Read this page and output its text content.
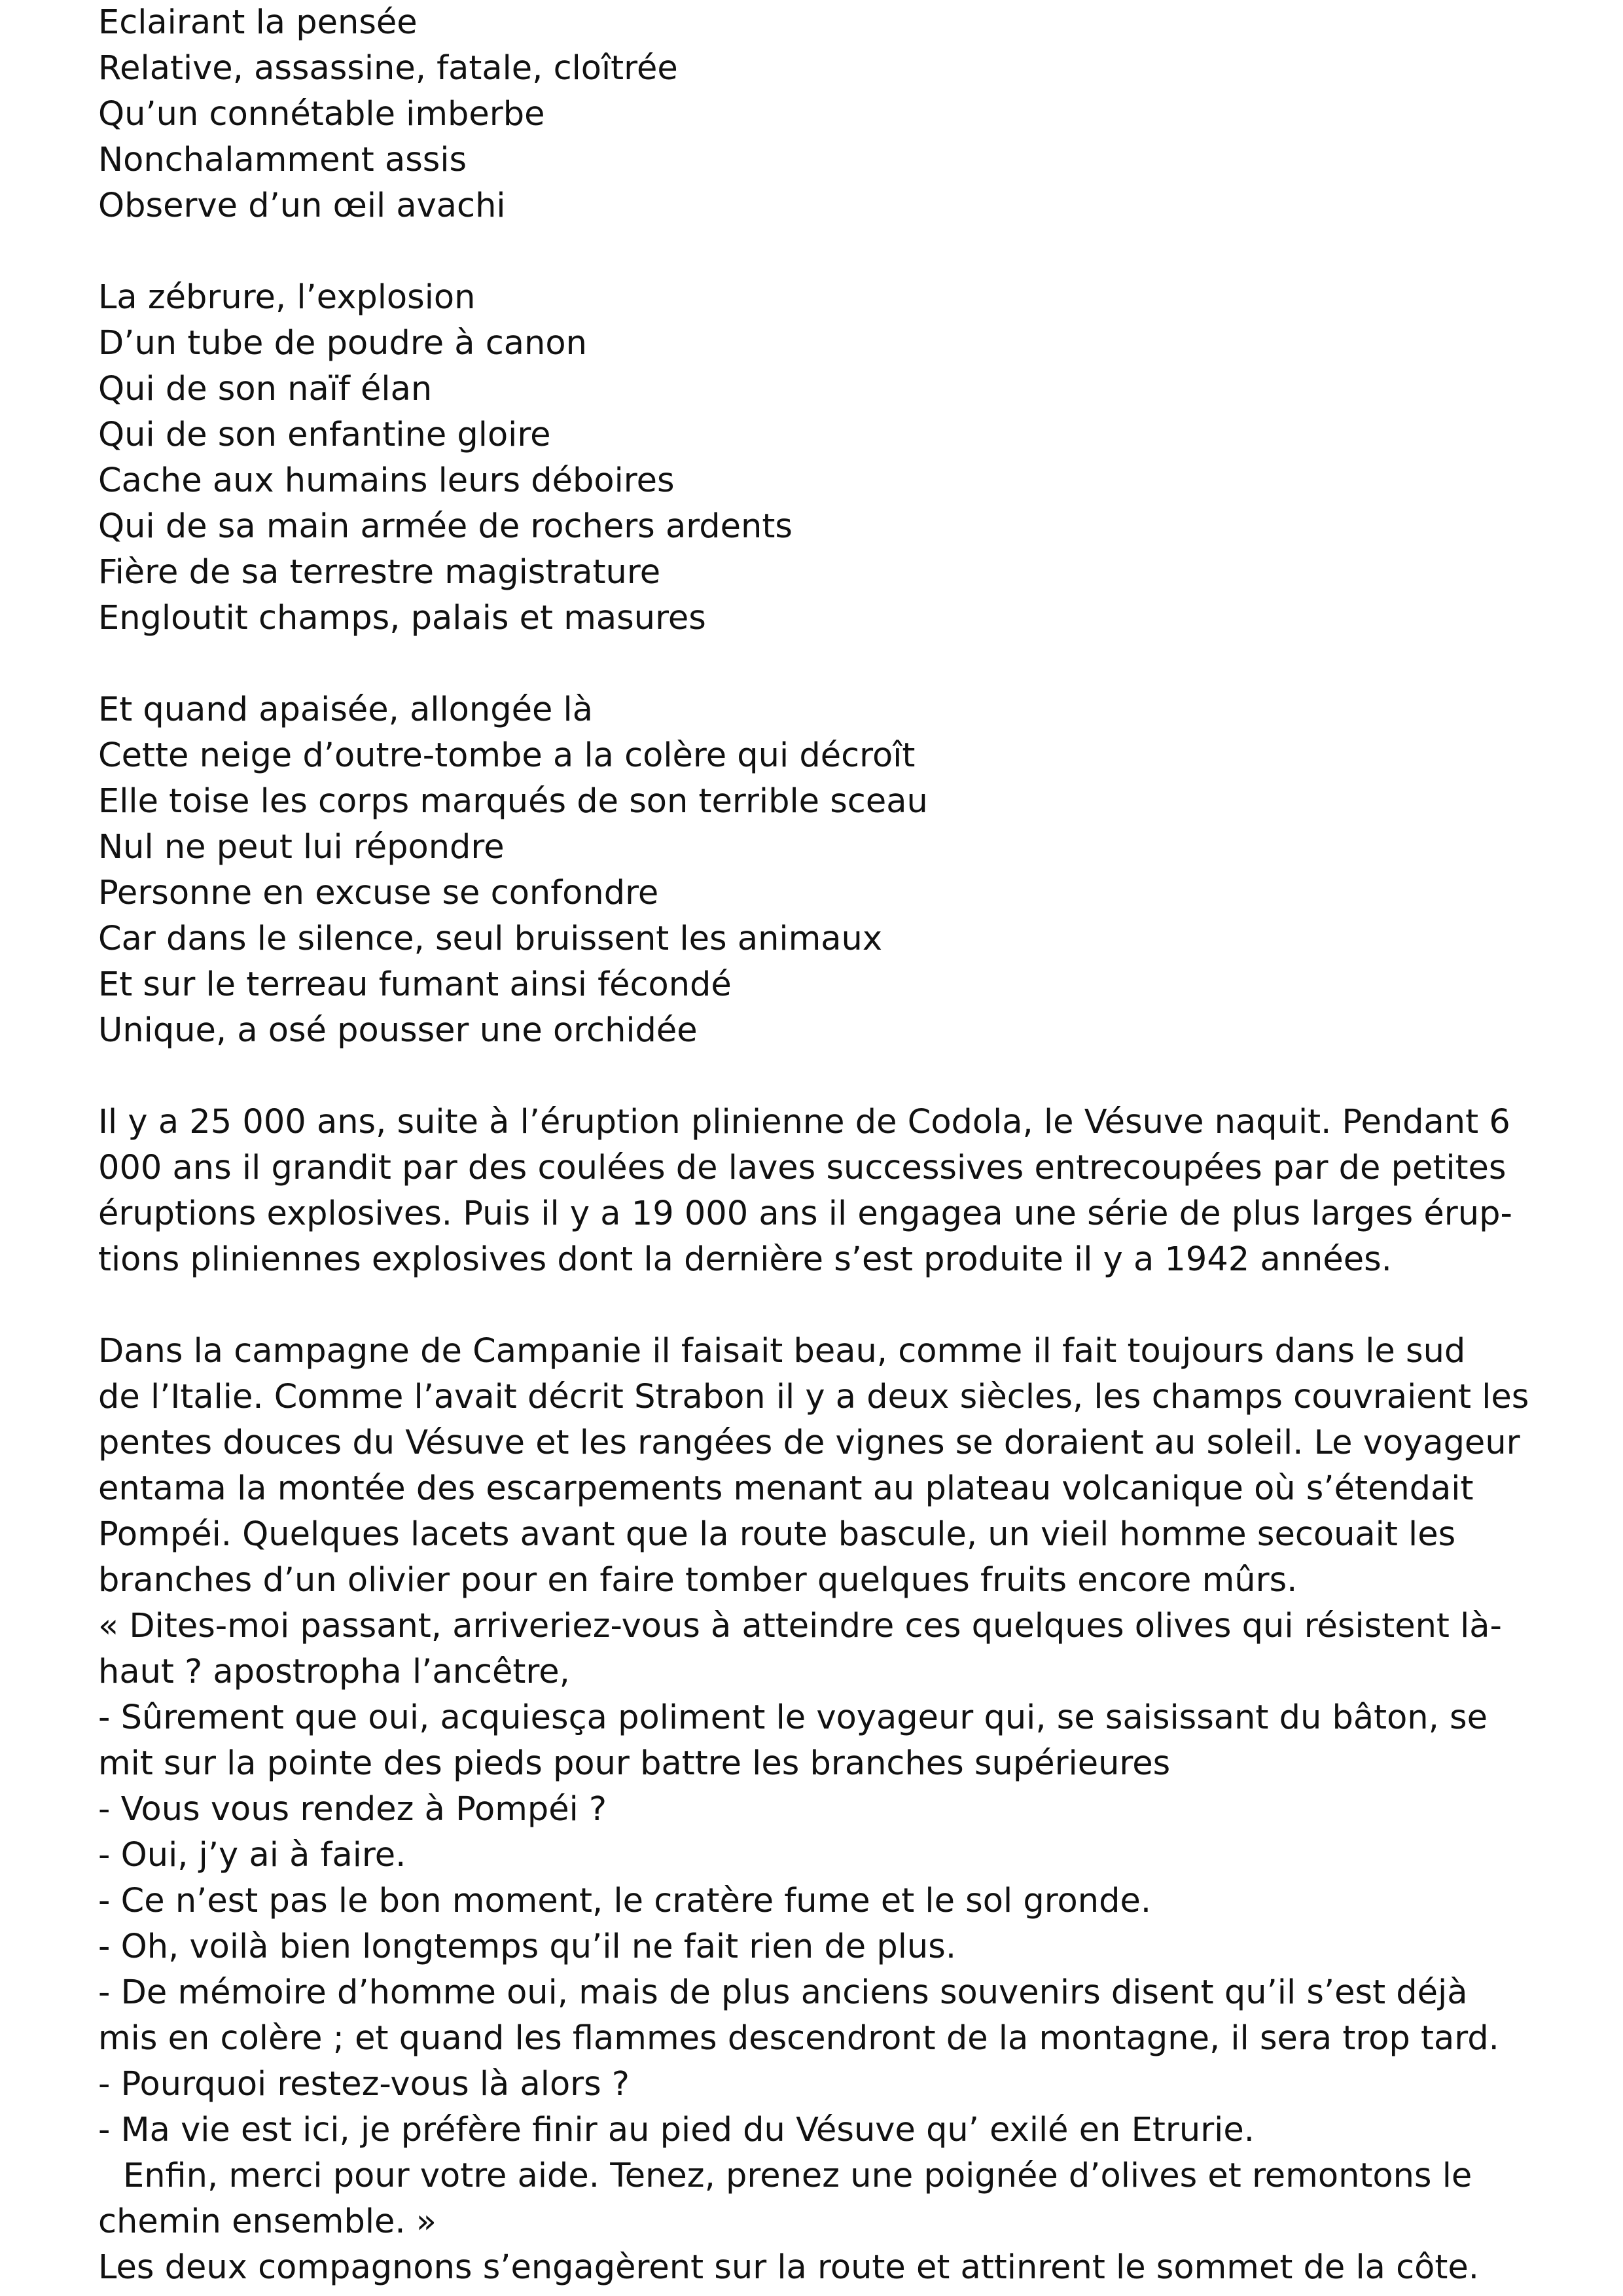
Eclairant la pensée
Relative, assassine, fatale, cloîtrée
Qu’un connétable imberbe
Nonchalamment assis
Observe d’un œil avachi
La zébrure, l’explosion
D’un tube de poudre à canon
Qui de son naïf élan
Qui de son enfantine gloire
Cache aux humains leurs déboires
Qui de sa main armée de rochers ardents
Fière de sa terrestre magistrature
Engloutit champs, palais et masures
Et quand apaisée, allongée là
Cette neige d’outre-tombe a la colère qui décroît
Elle toise les corps marqués de son terrible sceau
Nul ne peut lui répondre
Personne en excuse se confondre
Car dans le silence, seul bruissent les animaux
Et sur le terreau fumant ainsi fécondé
Unique, a osé pousser une orchidée
Il y a 25 000 ans, suite à l’éruption plinienne de Codola, le Vésuve naquit. Pendant 6
000 ans il grandit par des coulées de laves successives entrecoupées par de petites
éruptions explosives. Puis il y a 19 000 ans il engagea une série de plus larges érup-
tions pliniennes explosives dont la dernière s’est produite il y a 1942 années.
Dans la campagne de Campanie il faisait beau, comme il fait toujours dans le sud
de l’Italie. Comme l’avait décrit Strabon il y a deux siècles, les champs couvraient les
pentes douces du Vésuve et les rangées de vignes se doraient au soleil. Le voyageur
entama la montée des escarpements menant au plateau volcanique où s’étendait
Pompéi. Quelques lacets avant que la route bascule, un vieil homme secouait les
branches d’un olivier pour en faire tomber quelques fruits encore mûrs.
« Dites-moi passant, arriveriez-vous à atteindre ces quelques olives qui résistent là-
haut ? apostropha l’ancêtre,
- Sûrement que oui, acquiesça poliment le voyageur qui, se saisissant du bâton, se
mit sur la pointe des pieds pour battre les branches supérieures
- Vous vous rendez à Pompéi ?
- Oui, j’y ai à faire.
- Ce n’est pas le bon moment, le cratère fume et le sol gronde.
- Oh, voilà bien longtemps qu’il ne fait rien de plus.
- De mémoire d’homme oui, mais de plus anciens souvenirs disent qu’il s’est déjà
mis en colère ; et quand les flammes descendront de la montagne, il sera trop tard.
- Pourquoi restez-vous là alors ?
- Ma vie est ici, je préfère finir au pied du Vésuve qu’ exilé en Etrurie.
Enfin, merci pour votre aide. Tenez, prenez une poignée d’olives et remontons le
chemin ensemble. »
Les deux compagnons s’engagèrent sur la route et attinrent le sommet de la côte.
